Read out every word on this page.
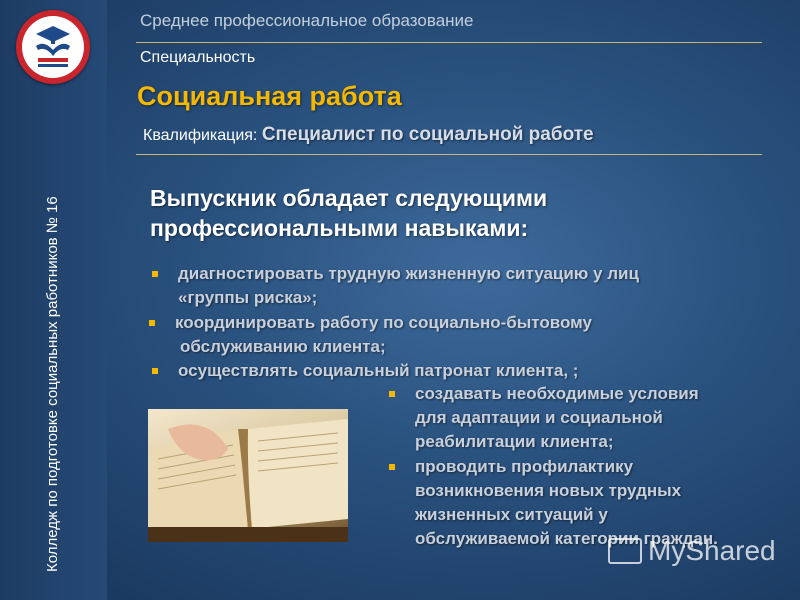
Колледж по подготовке социальных работников № 16
Среднее профессиональное образование
Специальность
Социальная работа
Квалификация: Специалист по социальной работе
Выпускник обладает следующими
профессиональными навыками:
диагностировать трудную жизненную ситуацию у лиц
«группы риска»;
координировать работу по социально-бытовому
обслуживанию клиента;
осуществлять социальный патронат клиента, ;
создавать необходимые условия
для адаптации и социальной
реабилитации клиента;
проводить профилактику
возникновения новых трудных
жизненных ситуаций у
обслуживаемой категории граждан.
MyShared
